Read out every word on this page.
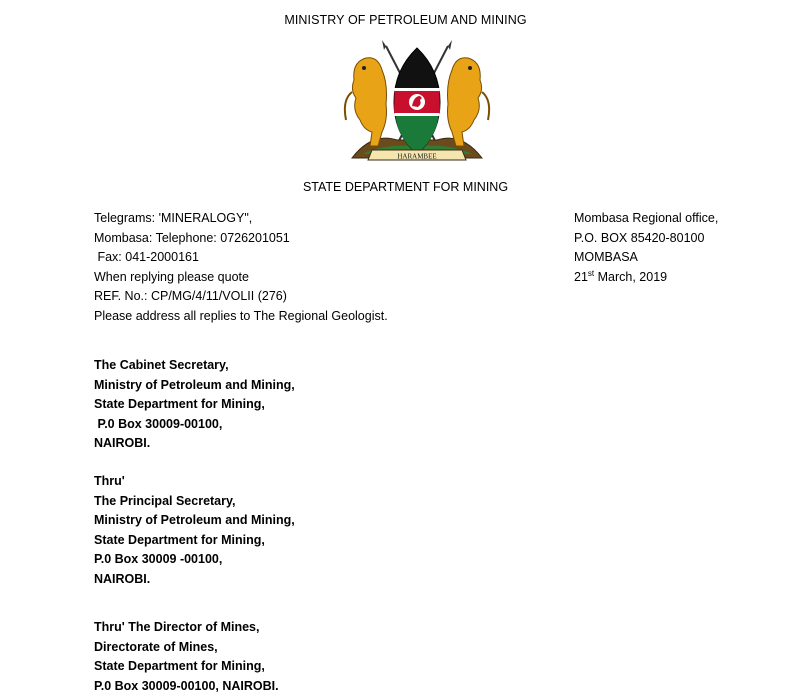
MINISTRY OF PETROLEUM AND MINING
HARAMBEE
STATE DEPARTMENT FOR MINING
Telegrams: 'MINERALOGY",
Mombasa: Telephone: 0726201051
Fax: 041-2000161
When replying please quote
REF. No.: CP/MG/4/11/VOLII (276)
Please address all replies to The Regional Geologist.
Mombasa Regional office,
P.O. BOX 85420-80100
MOMBASA
21st March, 2019
The Cabinet Secretary,
Ministry of Petroleum and Mining,
State Department for Mining,
P.0 Box 30009-00100,
NAIROBI.
Thru'
The Principal Secretary,
Ministry of Petroleum and Mining,
State Department for Mining,
P.0 Box 30009 -00100,
NAIROBI.
Thru' The Director of Mines,
Directorate of Mines,
State Department for Mining,
P.0 Box 30009-00100, NAIROBI.
